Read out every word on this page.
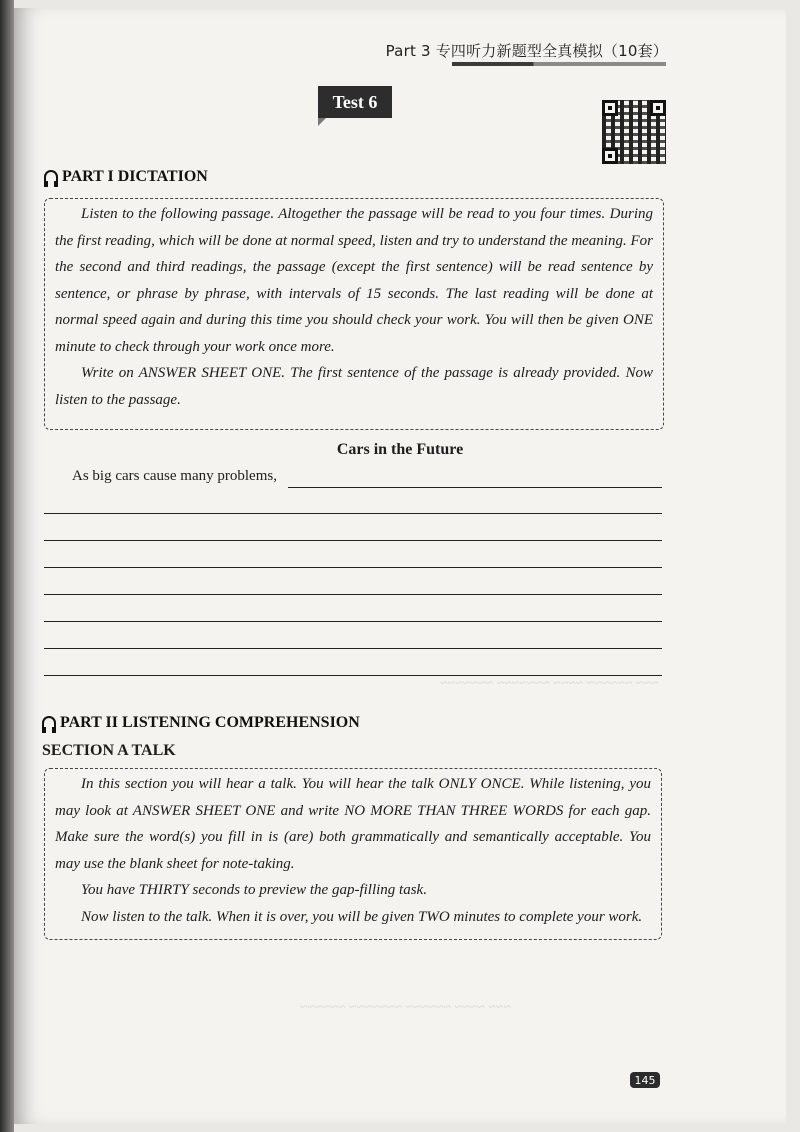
~~~ ~~~~~~ ~~~~ ~~~~~~~ ~~~~~~~
~~~ ~~~~ ~~~~~~ ~~~~~~~ ~~~~~~
Part 3 专四听力新题型全真模拟（10套）
Test 6
PART I DICTATION

Listen to the following passage. Altogether the passage will be read to you four times. During the first reading, which will be done at normal speed, listen and try to understand the meaning. For the second and third readings, the passage (except the first sentence) will be read sentence by sentence, or phrase by phrase, with intervals of 15 seconds. The last reading will be done at normal speed again and during this time you should check your work. You will then be given ONE minute to check through your work once more.

Write on ANSWER SHEET ONE. The first sentence of the passage is already provided. Now listen to the passage.

Cars in the Future
As big cars cause many problems,
PART II LISTENING COMPREHENSION
SECTION A TALK

In this section you will hear a talk. You will hear the talk ONLY ONCE. While listening, you may look at ANSWER SHEET ONE and write NO MORE THAN THREE WORDS for each gap. Make sure the word(s) you fill in is (are) both grammatically and semantically acceptable. You may use the blank sheet for note-taking.

You have THIRTY seconds to preview the gap-filling task.

Now listen to the talk. When it is over, you will be given TWO minutes to complete your work.

145
